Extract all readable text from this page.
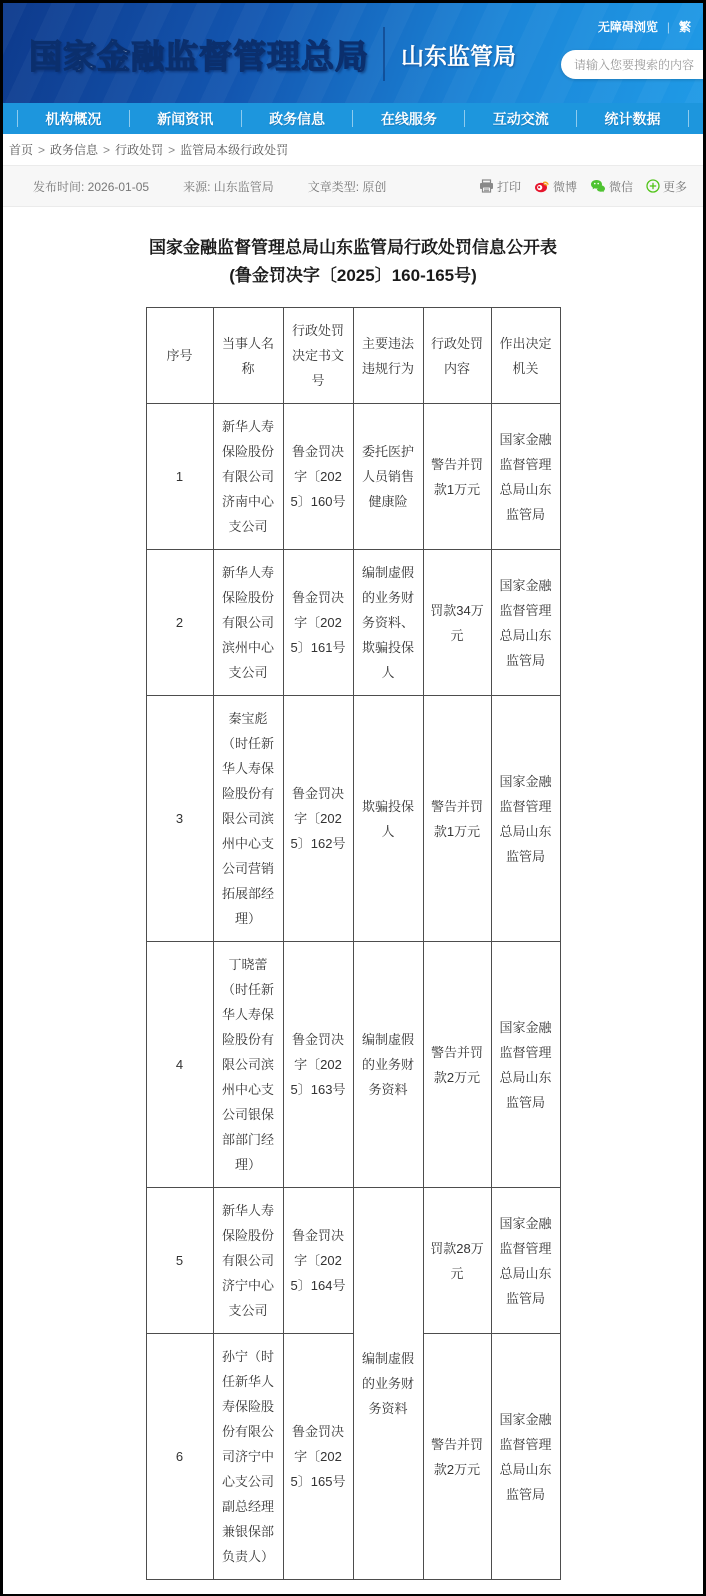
无障碍浏览 | 繁
国家金融监督管理总局 山东监管局
请输入您要搜索的内容...
机构概况	新闻资讯	政务信息	在线服务	互动交流	统计数据
首页 > 政务信息 > 行政处罚 > 监管局本级行政处罚
发布时间: 2026-01-05	来源: 山东监管局	文章类型: 原创	打印	微博	微信	更多
国家金融监督管理总局山东监管局行政处罚信息公开表
(鲁金罚决字〔2025〕160-165号)
序号	当事人名称	行政处罚决定书文号	主要违法违规行为	行政处罚内容	作出决定机关
1	新华人寿保险股份有限公司济南中心支公司	鲁金罚决字〔2025〕160号	委托医护人员销售健康险	警告并罚款1万元	国家金融监督管理总局山东监管局
2	新华人寿保险股份有限公司滨州中心支公司	鲁金罚决字〔2025〕161号	编制虚假的业务财务资料、欺骗投保人	罚款34万元	国家金融监督管理总局山东监管局
3	秦宝彪（时任新华人寿保险股份有限公司滨州中心支公司营销拓展部经理）	鲁金罚决字〔2025〕162号	欺骗投保人	警告并罚款1万元	国家金融监督管理总局山东监管局
4	丁晓蕾（时任新华人寿保险股份有限公司滨州中心支公司银保部部门经理）	鲁金罚决字〔2025〕163号	编制虚假的业务财务资料	警告并罚款2万元	国家金融监督管理总局山东监管局
5	新华人寿保险股份有限公司济宁中心支公司	鲁金罚决字〔2025〕164号	编制虚假的业务财务资料	罚款28万元	国家金融监督管理总局山东监管局
6	孙宁（时任新华人寿保险股份有限公司济宁中心支公司副总经理兼银保部负责人）	鲁金罚决字〔2025〕165号		警告并罚款2万元	国家金融监督管理总局山东监管局
